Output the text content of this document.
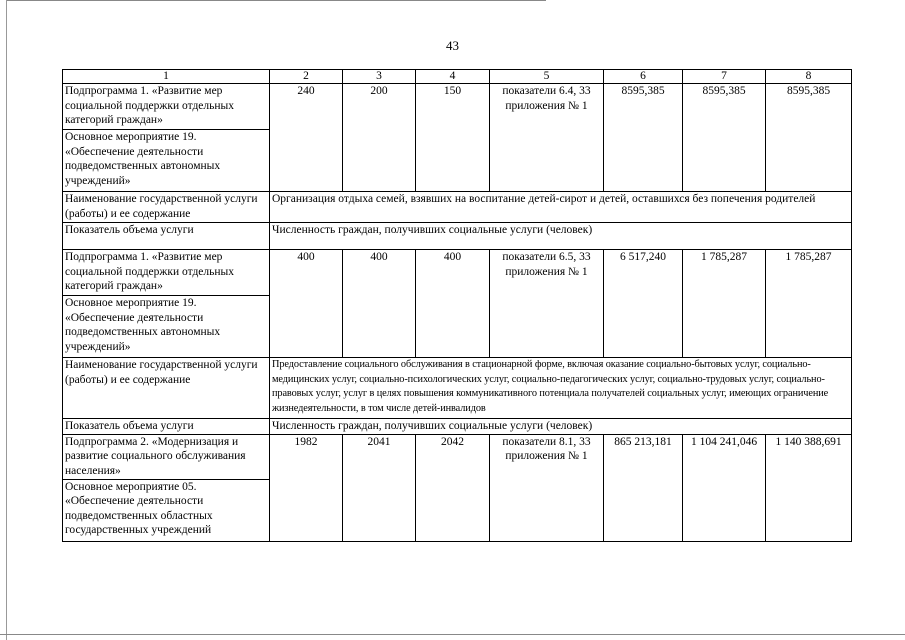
43
1	2	3	4	5	6	7	8
Подпрограмма 1. «Развитие мер социальной поддержки отдельных категорий граждан»	240	200	150	показатели 6.4, 33 приложения № 1	8595,385	8595,385	8595,385
Основное мероприятие 19. «Обеспечение деятельности подведомственных автономных учреждений»							
Наименование государственной услуги (работы) и ее содержание	Организация отдыха семей, взявших на воспитание детей-сирот и детей, оставшихся без попечения родителей						
Показатель объема услуги	Численность граждан, получивших социальные услуги (человек)						
Подпрограмма 1. «Развитие мер социальной поддержки отдельных категорий граждан»	400	400	400	показатели 6.5, 33 приложения № 1	6 517,240	1 785,287	1 785,287
Основное мероприятие 19. «Обеспечение деятельности подведомственных автономных учреждений»							
Наименование государственной услуги (работы) и ее содержание	Предоставление социального обслуживания в стационарной форме, включая оказание социально-бытовых услуг, социально-медицинских услуг, социально-психологических услуг, социально-педагогических услуг, социально-трудовых услуг, социально-правовых услуг, услуг в целях повышения коммуникативного потенциала получателей социальных услуг, имеющих ограничение жизнедеятельности, в том числе детей-инвалидов						
Показатель объема услуги	Численность граждан, получивших социальные услуги (человек)						
Подпрограмма 2. «Модернизация и развитие социального обслуживания населения»	1982	2041	2042	показатели 8.1, 33 приложения № 1	865 213,181	1 104 241,046	1 140 388,691
Основное мероприятие 05. «Обеспечение деятельности подведомственных областных государственных учреждений							
